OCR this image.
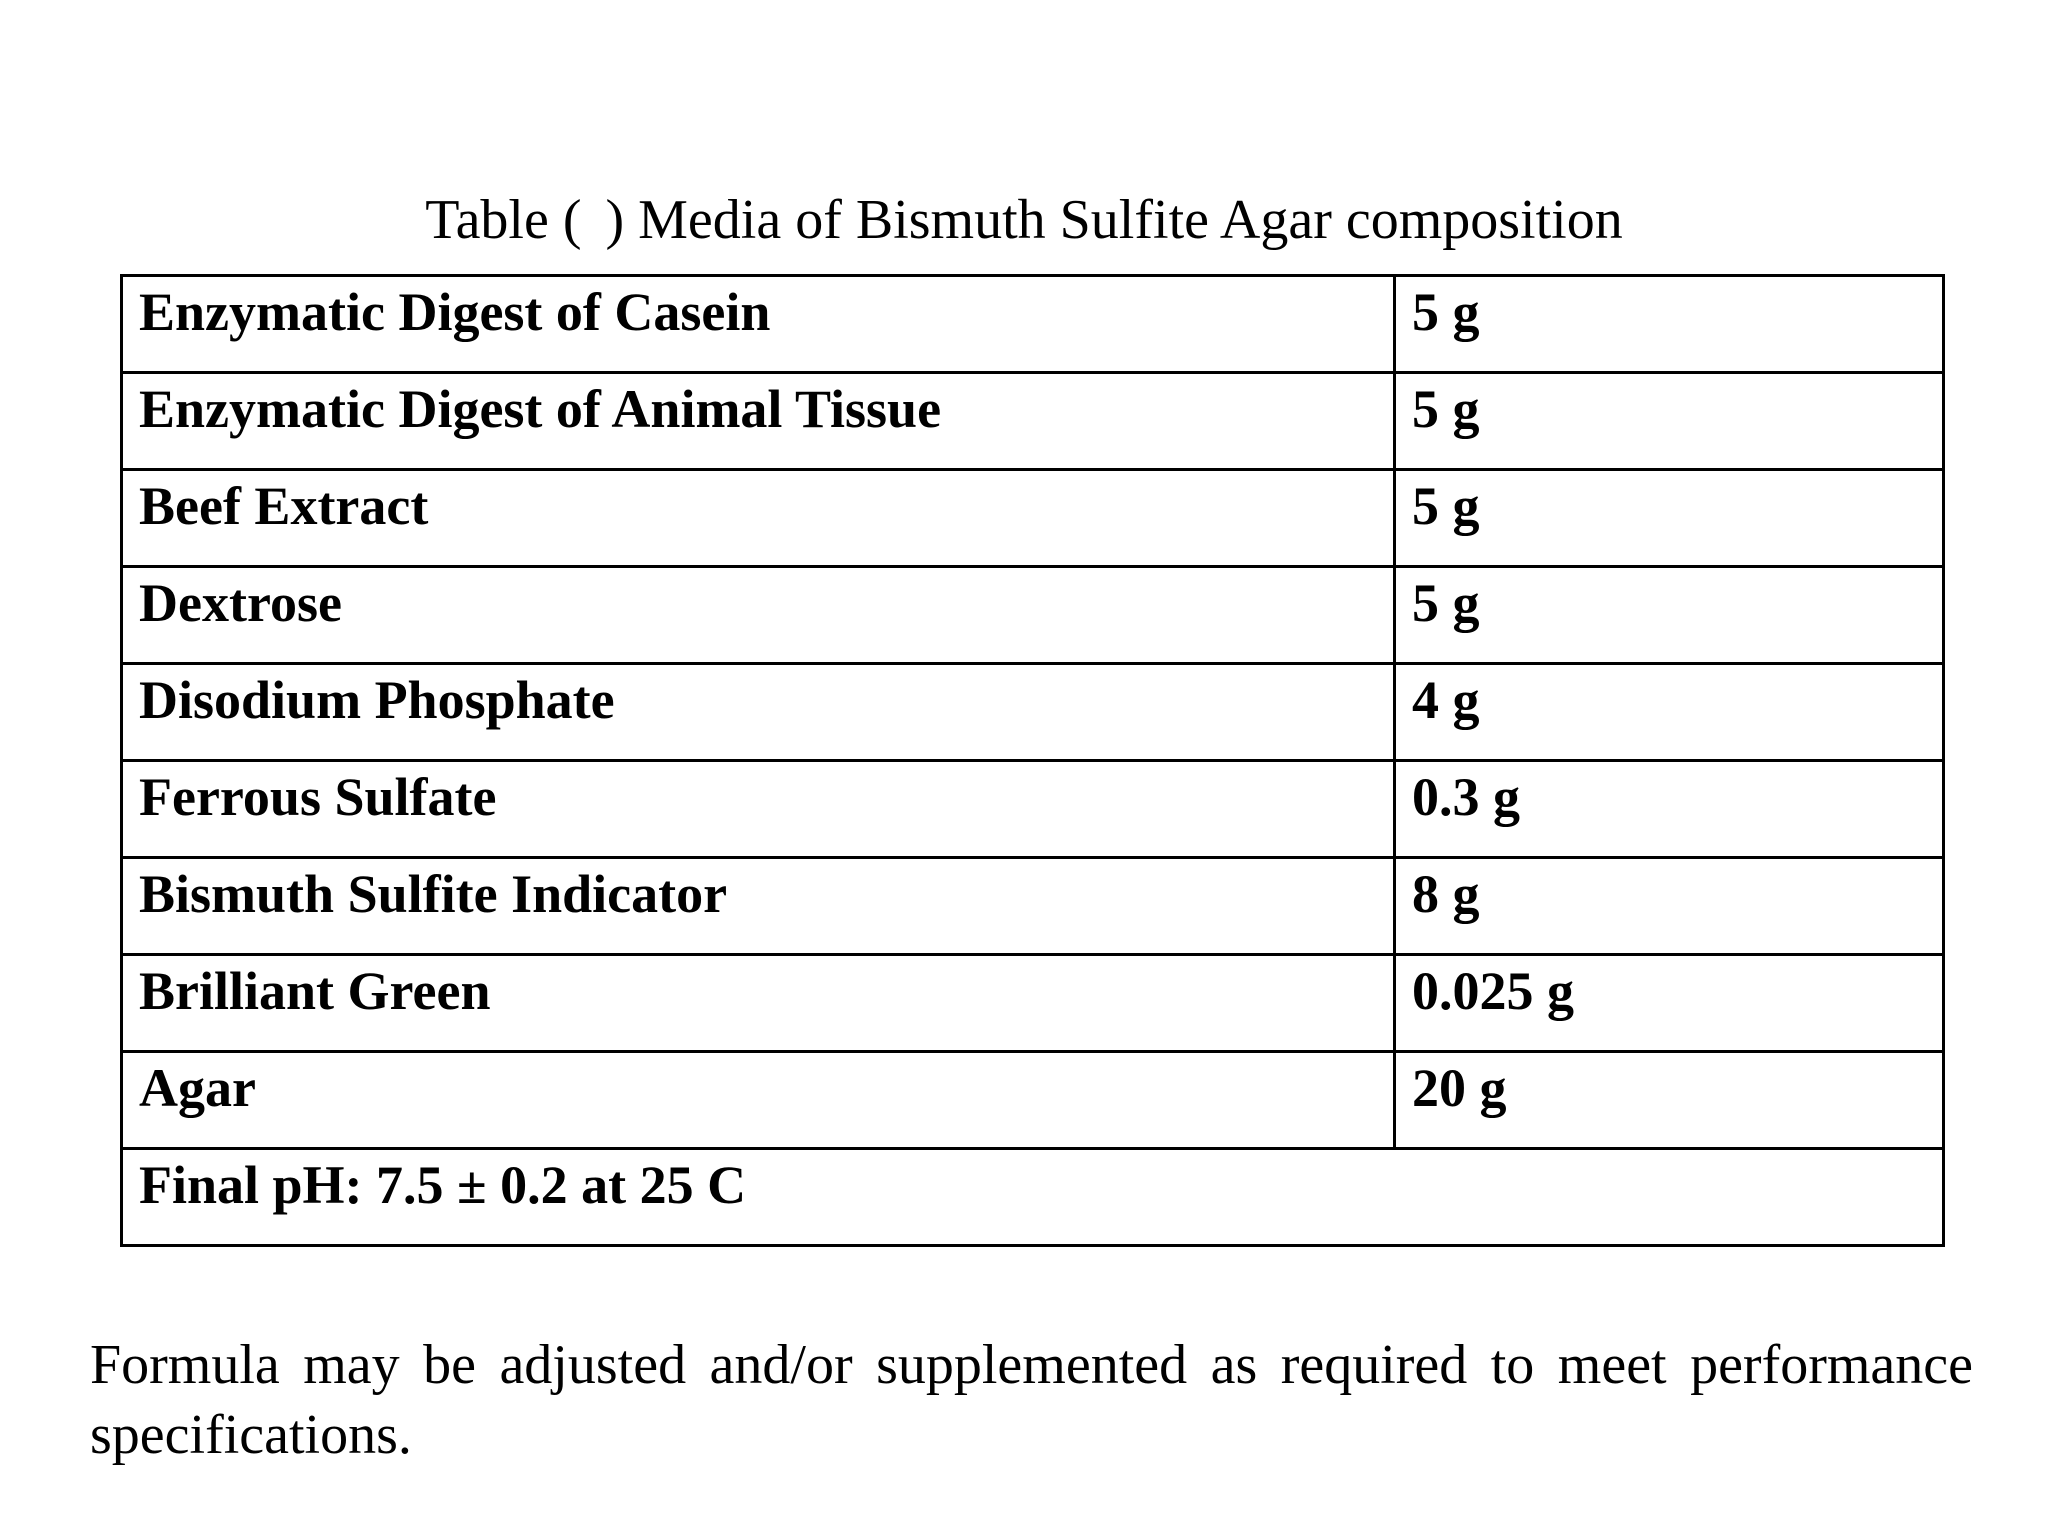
Table ( ) Media of Bismuth Sulfite Agar composition
Enzymatic Digest of Casein	5 g
Enzymatic Digest of Animal Tissue	5 g
Beef Extract	5 g
Dextrose	5 g
Disodium Phosphate	4 g
Ferrous Sulfate	0.3 g
Bismuth Sulfite Indicator	8 g
Brilliant Green	0.025 g
Agar	20 g
Final pH: 7.5 ± 0.2 at 25 C	
Formula may be adjusted and/or supplemented as required to meet performance specifications.
